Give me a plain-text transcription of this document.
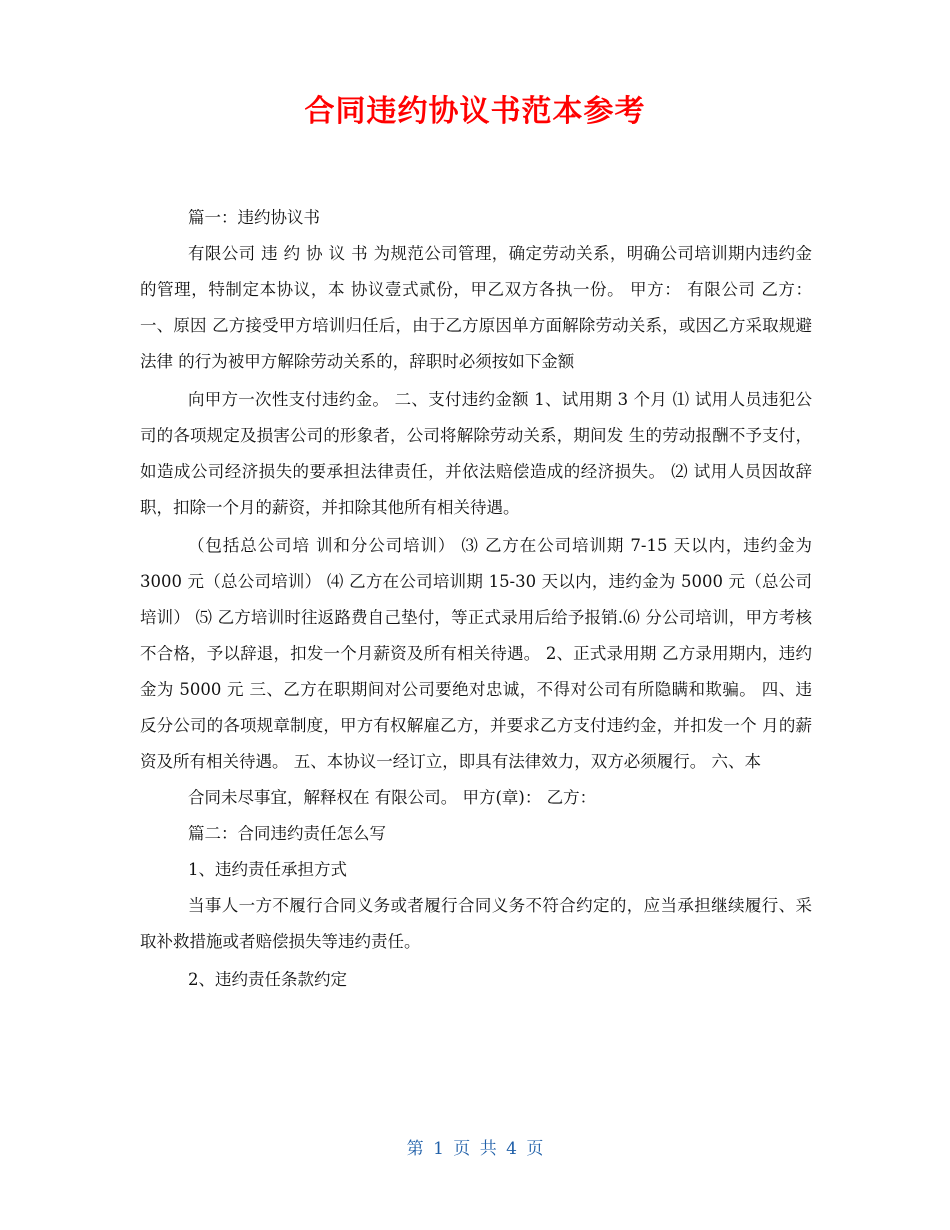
合同违约协议书范本参考

篇一：违约协议书

有限公司 违 约 协 议 书 为规范公司管理，确定劳动关系，明确公司培训期内违约金的管理，特制定本协议，本 协议壹式贰份，甲乙双方各执一份。 甲方： 有限公司 乙方： 一、原因 乙方接受甲方培训归任后，由于乙方原因单方面解除劳动关系，或因乙方采取规避法律 的行为被甲方解除劳动关系的，辞职时必须按如下金额

向甲方一次性支付违约金。 二、支付违约金额 1、试用期 3 个月 ⑴ 试用人员违犯公司的各项规定及损害公司的形象者，公司将解除劳动关系，期间发 生的劳动报酬不予支付，如造成公司经济损失的要承担法律责任，并依法赔偿造成的经济损失。 ⑵ 试用人员因故辞职，扣除一个月的薪资，并扣除其他所有相关待遇。

（包括总公司培 训和分公司培训） ⑶ 乙方在公司培训期 7-15 天以内，违约金为 3000 元（总公司培训） ⑷ 乙方在公司培训期 15-30 天以内，违约金为 5000 元（总公司培训） ⑸ 乙方培训时往返路费自己垫付，等正式录用后给予报销.⑹ 分公司培训，甲方考核不合格，予以辞退，扣发一个月薪资及所有相关待遇。 2、正式录用期 乙方录用期内，违约金为 5000 元 三、乙方在职期间对公司要绝对忠诚，不得对公司有所隐瞒和欺骗。 四、违反分公司的各项规章制度，甲方有权解雇乙方，并要求乙方支付违约金，并扣发一个 月的薪资及所有相关待遇。 五、本协议一经订立，即具有法律效力，双方必须履行。 六、本

合同未尽事宜，解释权在 有限公司。 甲方(章)： 乙方：

篇二：合同违约责任怎么写

1、违约责任承担方式

当事人一方不履行合同义务或者履行合同义务不符合约定的，应当承担继续履行、采取补救措施或者赔偿损失等违约责任。

2、违约责任条款约定

第 1 页 共 4 页
